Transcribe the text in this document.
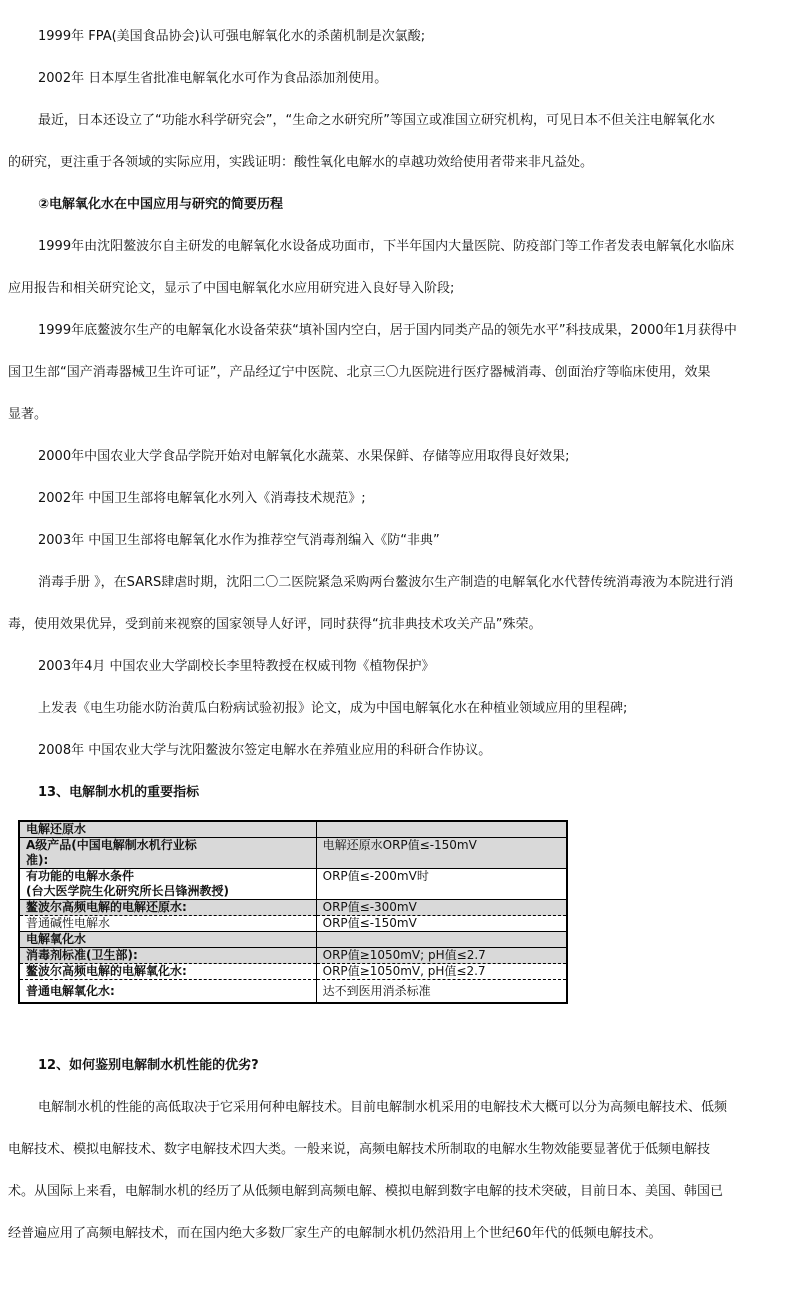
1999年 FPA(美国食品协会)认可强电解氧化水的杀菌机制是次氯酸;
2002年 日本厚生省批准电解氧化水可作为食品添加剂使用。
最近，日本还设立了“功能水科学研究会”，“生命之水研究所”等国立或准国立研究机构，可见日本不但关注电解氧化水
的研究，更注重于各领域的实际应用，实践证明：酸性氧化电解水的卓越功效给使用者带来非凡益处。
②电解氧化水在中国应用与研究的简要历程
1999年由沈阳鳌波尔自主研发的电解氧化水设备成功面市，下半年国内大量医院、防疫部门等工作者发表电解氧化水临床
应用报告和相关研究论文，显示了中国电解氧化水应用研究进入良好导入阶段;
1999年底鳌波尔生产的电解氧化水设备荣获“填补国内空白，居于国内同类产品的领先水平”科技成果，2000年1月获得中
国卫生部“国产消毒器械卫生许可证”，产品经辽宁中医院、北京三〇九医院进行医疗器械消毒、创面治疗等临床使用，效果
显著。
2000年中国农业大学食品学院开始对电解氧化水蔬菜、水果保鲜、存储等应用取得良好效果;
2002年 中国卫生部将电解氧化水列入《消毒技术规范》;
2003年 中国卫生部将电解氧化水作为推荐空气消毒剂编入《防“非典”
消毒手册 》，在SARS肆虐时期，沈阳二〇二医院紧急采购两台鳌波尔生产制造的电解氧化水代替传统消毒液为本院进行消
毒，使用效果优异，受到前来视察的国家领导人好评，同时获得“抗非典技术攻关产品”殊荣。
2003年4月 中国农业大学副校长李里特教授在权威刊物《植物保护》
上发表《电生功能水防治黄瓜白粉病试验初报》论文，成为中国电解氧化水在种植业领域应用的里程碑;
2008年 中国农业大学与沈阳鳌波尔签定电解水在养殖业应用的科研合作协议。
13、电解制水机的重要指标
电解还原水	

A级产品(中国电解制水机行业标
准):	电解还原水ORP值≤-150mV

有功能的电解水条件
(台大医学院生化研究所长吕锋洲教授)	ORP值≤-200mV时
鳌波尔高频电解的电解还原水:	ORP值≤-300mV
普通碱性电解水	ORP值≤-150mV
电解氧化水	
消毒剂标准(卫生部):	ORP值≥1050mV; pH值≤2.7
鳌波尔高频电解的电解氧化水:	ORP值≥1050mV, pH值≤2.7
普通电解氧化水:	达不到医用消杀标准
12、如何鉴别电解制水机性能的优劣?
电解制水机的性能的高低取决于它采用何种电解技术。目前电解制水机采用的电解技术大概可以分为高频电解技术、低频
电解技术、模拟电解技术、数字电解技术四大类。一般来说，高频电解技术所制取的电解水生物效能要显著优于低频电解技
术。从国际上来看，电解制水机的经历了从低频电解到高频电解、模拟电解到数字电解的技术突破，目前日本、美国、韩国已
经普遍应用了高频电解技术，而在国内绝大多数厂家生产的电解制水机仍然沿用上个世纪60年代的低频电解技术。
